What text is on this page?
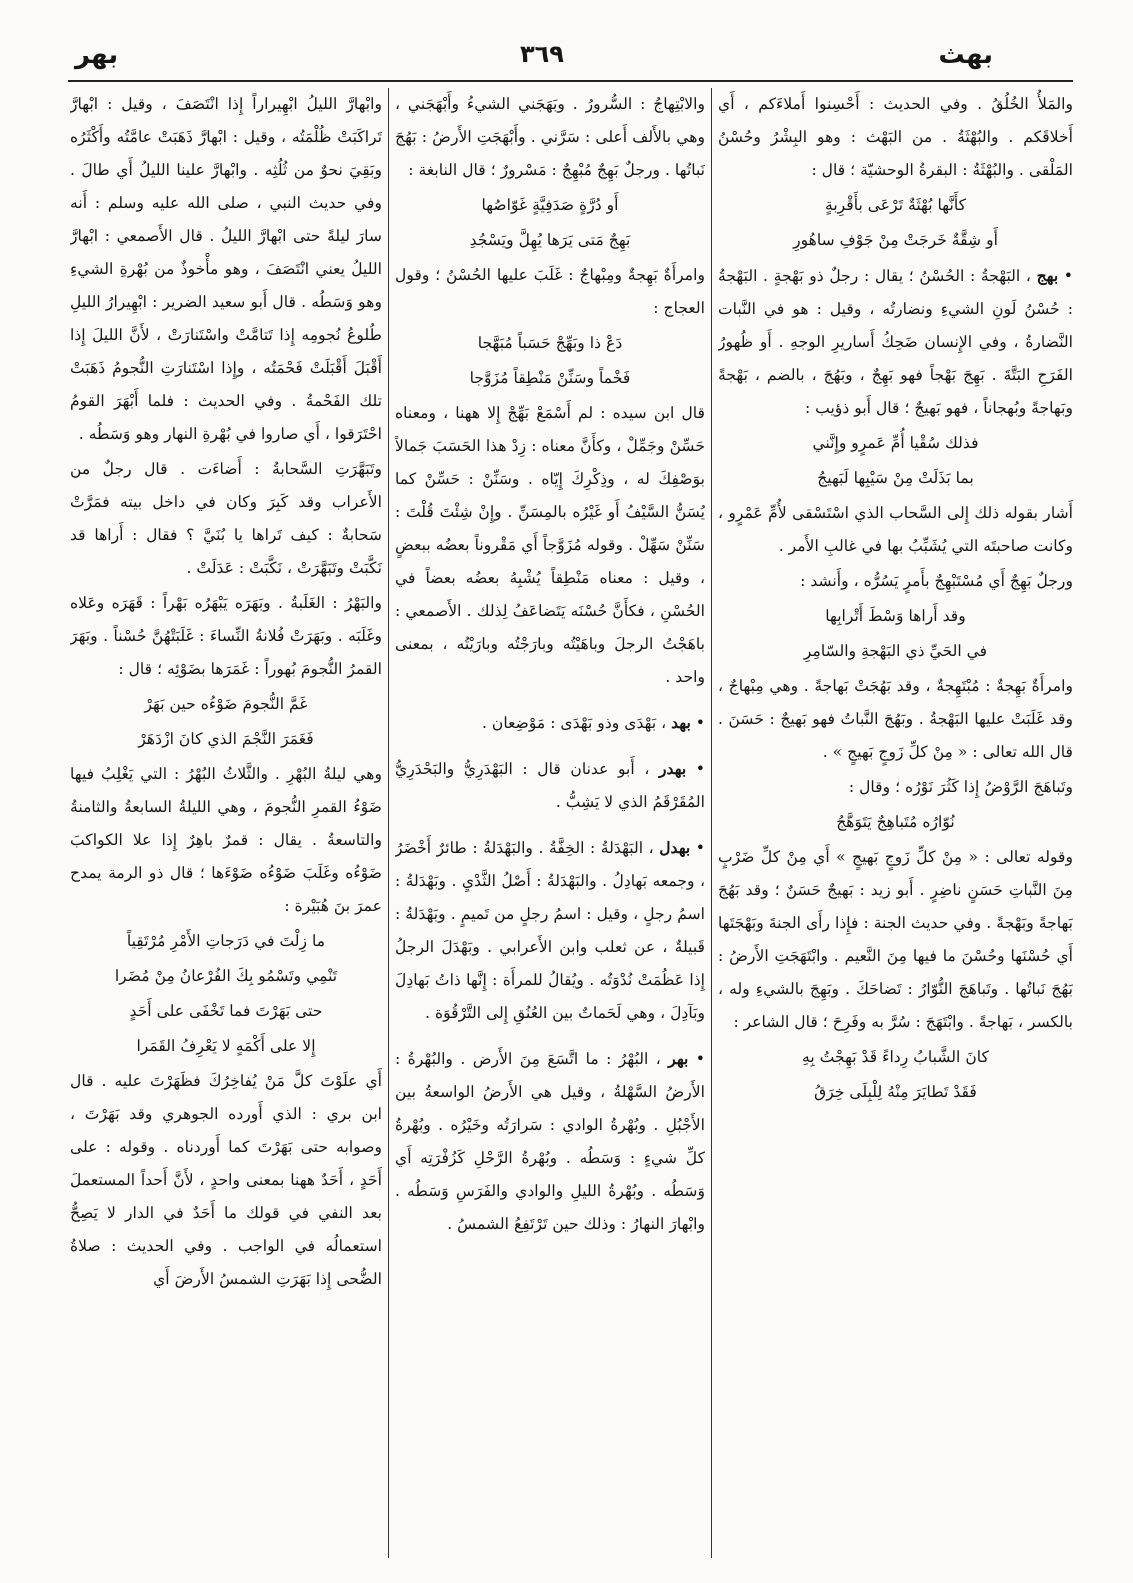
بهث
٣٦٩
بهر

والمَلأُ الخُلُقُ . وفي الحديث : أَحْسِنوا أَملاءَكم ، أَي أَخلاقَكم . والبُهْثَةُ . من البَهْث : وهو البِشْرُ وحُسْنُ المَلْقى . والبُهْثَةُ : البقرةُ الوحشيّة ؛ قال :

كأَنَّها بُهْثَةٌ تَرْعَى بأَقْرِبةٍ

أَو شِقَّةٌ خَرجَتْ مِنْ جَوْفِ ساهُورِ

• بهج ، البَهْجةُ : الحُسْنُ ؛ يقال : رجلٌ ذو بَهْجةٍ . البَهْجةُ : حُسْنُ لَونِ الشيءِ ونضارتُه ، وقيل : هو في النَّبات النَّضارةُ ، وفي الإِنسان ضَحِكُ أَساريرِ الوجهِ . أَو ظُهورُ الفَرَحِ البَتَّةَ . بَهِجَ بَهْجاً فهو بَهِجٌ ، وبَهُجَ ، بالضم ، بَهْجةً وبَهاجةً وبُهجاناً ، فهو بَهيجٌ ؛ قال أَبو ذؤيب :

فذلك سُقْيا أُمِّ عَمرٍو وإِنَّني

بما بَذَلَتْ مِنْ سَيْبِها لَبَهيجُ

أَشار بقوله ذلك إِلى السَّحاب الذي اسْتَسْقى لأُمِّ عَمْرٍو ، وكانت صاحبتَه التي يُشَبِّبُ بها في غالبِ الأَمر .

ورجلٌ بَهِجٌ أَي مُسْتَبْهِجٌ بأَمرٍ يَسُرُّه ، وأَنشد :

وقد أَراها وَسْطَ أَتْرابِها

في الحَيِّ ذي البَهْجةِ والسّامِرِ

وامرأَةٌ بَهِجةٌ : مُبْتَهِجةٌ ، وقد بَهُجَتْ بَهاجةً . وهي مِبْهاجٌ ، وقد غَلَبَتْ عليها البَهْجةُ . وبَهُجَ النَّباتُ فهو بَهيجٌ : حَسَنَ . قال الله تعالى : « مِنْ كلِّ زَوجٍ بَهيجٍ » .

وتَباهَجَ الرَّوْضُ إِذا كَثُرَ نَوْرُه ؛ وقال :

نُوّارُه مُتَباهِجٌ يَتَوَهَّجُ

وقوله تعالى : « مِنْ كلِّ زَوجٍ بَهيجٍ » أَي مِنْ كلِّ ضَرْبٍ مِنَ النَّباتِ حَسَنٍ ناضِرٍ . أَبو زيد : بَهيجٌ حَسَنٌ ؛ وقد بَهُجَ بَهاجةً وبَهْجةً . وفي حديث الجنة : فإِذا رأَى الجنةَ وبَهْجَتَها أَي حُسْنَها وحُسْنَ ما فيها مِنَ النَّعيم . وابْتَهَجَتِ الأَرضُ : بَهُجَ نَباتُها . وتَباهَجَ النُّوّارُ : تَضاحَكَ . وبَهِجَ بالشيءِ وله ، بالكسر ، بَهاجةً . وابْتَهَجَ : سُرَّ به وفَرِحَ ؛ قال الشاعر :

كانَ الشَّبابُ رِداءً قَدْ بَهِجْتُ بِهِ

فَقَدْ تَطايَرَ مِنْهُ لِلْبِلَى خِرَقُ

والابْتِهاجُ : السُّرورُ . وبَهَجَني الشيءُ وأَبْهَجَني ، وهي بالأَلف أَعلى : سَرَّني . وأَبْهَجَتِ الأَرضُ : بَهُجَ نَباتُها . ورجلٌ بَهِجٌ مُبْهِجٌ : مَسْرورٌ ؛ قال النابغة :

أَو دُرَّةٍ صَدَفِيَّةٍ غَوّاصُها

بَهِجٌ مَتى يَرَها يُهِلَّ ويَسْجُدِ

وامرأَةٌ بَهِجةٌ ومِبْهاجٌ : غَلَبَ عليها الحُسْنُ ؛ وقول العجاج :

دَعْ ذا وبَهِّجْ حَسَباً مُبَهَّجا

فَخْماً وسَنِّنْ مَنْطِقاً مُزَوَّجا

قال ابن سيده : لم أَسْمَعْ بَهِّجْ إِلا ههنا ، ومعناه حَسِّنْ وجَمِّلْ ، وكأَنَّ معناه : زِدْ هذا الحَسَبَ جَمالاً بوَصْفِكَ له ، وذِكْرِكَ إِيّاه . وسَنِّنْ : حَسِّنْ كما يُسَنُّ السَّيْفُ أَو غَيْرُه بالمِسَنِّ . وإِنْ شِئْتَ قُلْتَ : سَنِّنْ سَهِّلْ . وقوله مُزَوَّجاً أَي مَقْروناً بعضُه ببعضٍ ، وقيل : معناه مَنْطِقاً يُشْبِهُ بعضُه بعضاً في الحُسْنِ ، فكأَنَّ حُسْنَه يَتَضاعَفُ لِذلك . الأَصمعي : باهَجْتُ الرجلَ وباهَيْتُه وبارَجْتُه وبارَيْتُه ، بمعنى واحد .

• بهد ، بَهْدَى وذو بَهْدَى : مَوْضِعان .

• بهدر ، أَبو عدنان قال : البَهْدَرِيُّ والبَحْدَرِيُّ المُقَرْقَمُ الذي لا يَشِبُّ .

• بهدل ، البَهْدَلةُ : الخِفَّةُ . والبَهْدَلةُ : طائرٌ أَخْضَرُ ، وجمعه بَهادِلُ . والبَهْدَلةُ : أَصْلُ الثَّدْيِ . وبَهْدَلةُ : اسمُ رجلٍ ، وقيل : اسمُ رجلٍ من تَميمٍ . وبَهْدَلةُ : قَبيلةٌ ، عن ثعلب وابن الأَعرابي . وبَهْدَلَ الرجلُ إِذا عَظُمَتْ نُدْوَتُه . ويُقالُ للمرأَة : إِنَّها ذاتُ بَهادِلَ وبَآدِلَ ، وهي لَحَماتٌ بين العُنُقِ إِلى التَّرْقُوَة .

• بهر ، البُهْرُ : ما اتَّسَعَ مِنَ الأَرض . والبُهْرةُ : الأَرضُ السَّهْلةُ ، وقيل هي الأَرضُ الواسعةُ بين الأَجْبُلِ . وبُهْرةُ الوادي : سَرارَتُه وخَيْرُه . وبُهْرةُ كلِّ شيءٍ : وَسَطُه . وبُهْرةُ الرَّحْلِ كَزُفْرَتِه أَي وَسَطُه . وبُهْرةُ الليلِ والوادي والفَرَسِ وَسَطُه . وابْهارَ النهارُ : وذلك حين تَرْتَفِعُ الشمسُ .

وابْهارَّ الليلُ ابْهِيراراً إِذا انْتَصَفَ ، وقيل : ابْهارَّ تَراكَبَتْ ظُلْمَتُه ، وقيل : ابْهارَّ ذَهَبَتْ عامَّتُه وأَكْثَرُه وبَقِيَ نحوٌ من ثُلُثِه . وابْهارَّ علينا الليلُ أَي طالَ . وفي حديث النبي ، صلى الله عليه وسلم : أَنه سارَ ليلةً حتى ابْهارَّ الليلُ . قال الأَصمعي : ابْهارَّ الليلُ يعني انْتَصَفَ ، وهو مأْخوذٌ من بُهْرةِ الشيءِ وهو وَسَطُه . قال أَبو سعيد الضرير : ابْهِيرارُ الليلِ طُلوعُ نُجومِه إِذا تَتامَّتْ واسْتَنارَتْ ، لأَنَّ الليلَ إِذا أَقْبَلَ أَقْبَلَتْ فَحْمَتُه ، وإِذا اسْتَنارَتِ النُّجومُ ذَهَبَتْ تلك الفَحْمةُ . وفي الحديث : فلما أَبْهَرَ القومُ احْتَرَقوا ، أَي صاروا في بُهْرةِ النهار وهو وَسَطُه .

وتَبَهَّرَتِ السَّحابةُ : أَضاءَت . قال رجلٌ من الأَعراب وقد كَبِرَ وكان في داخل بيته فمَرَّتْ سَحابةٌ : كيف تَراها يا بُنَيَّ ؟ فقال : أَراها قد نَكَّبَتْ وتَبَهَّرَتْ ، نَكَّبَتْ : عَدَلَتْ .

والبَهْرُ : الغَلَبةُ . وبَهَرَه يَبْهَرُه بَهْراً : قَهَرَه وعَلاه وغَلَبَه . وبَهَرَتْ فُلانةُ النِّساءَ : غَلَبَتْهُنَّ حُسْناً . وبَهَرَ القمرُ النُّجومَ بُهوراً : غَمَرَها بضَوْئِه ؛ قال :

غَمَّ النُّجومَ ضَوْءُه حين بَهَرْ

فَغَمَرَ النَّجْمَ الذي كانَ ازْدَهَرْ

وهي ليلةُ البُهْرِ . والثَّلاثُ البُهْرُ : التي يَغْلِبُ فيها ضَوْءُ القمرِ النُّجومَ ، وهي الليلةُ السابعةُ والثامنةُ والتاسعةُ . يقال : قمرٌ باهِرٌ إِذا علا الكواكبَ ضَوْءُه وغَلَبَ ضَوْءُه ضَوْءَها ؛ قال ذو الرمة يمدح عمرَ بنَ هُبَيْرة :

ما زِلْتَ في دَرَجاتِ الأَمْرِ مُرْتَقِياً

تَنْمِي وتَسْمُو بِكَ الفُرْعانُ مِنْ مُضَرا

حتى بَهَرْتَ فما تَخْفَى على أَحَدٍ

إِلا على أَكْمَهٍ لا يَعْرِفُ القَمَرا

أَي علَوْتَ كلَّ مَنْ يُفاخِرُكَ فظَهَرْتَ عليه . قال ابن بري : الذي أَورده الجوهري وقد بَهَرْتَ ، وصوابه حتى بَهَرْتَ كما أَوردناه . وقوله : على أَحَدٍ ، أَحَدٌ ههنا بمعنى واحدٍ ، لأَنَّ أَحداً المستعملَ بعد النفي في قولك ما أَحَدٌ في الدار لا يَصِحُّ استعمالُه في الواجب . وفي الحديث : صلاةُ الضُّحى إِذا بَهَرَتِ الشمسُ الأَرضَ أَي
